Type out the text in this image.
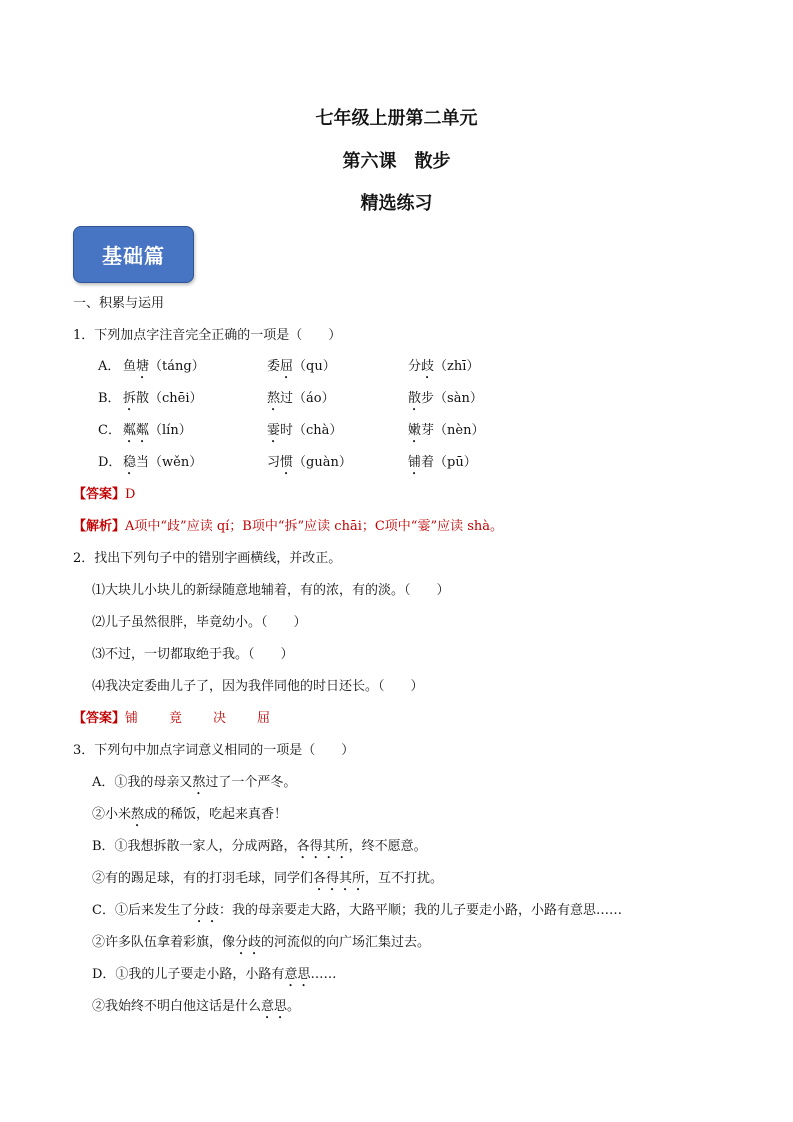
七年级上册第二单元
第六课　散步
精选练习
基础篇
一、积累与运用
1．下列加点字注音完全正确的一项是（　　）
A． 鱼塘（táng）	委屈（qu）	分歧（zhī）
B． 拆散（chēi）	熬过（áo）	散步（sàn）
C． 粼粼（lín）	霎时（chà）	嫩芽（nèn）
D． 稳当（wěn）	习惯（guàn）	铺着（pū）
【答案】D
【解析】A项中“歧”应读 qí；B项中“拆”应读 chāi；C项中“霎”应读 shà。
2．找出下列句子中的错别字画横线，并改正。
⑴大块儿小块儿的新绿随意地辅着，有的浓，有的淡。（　　）
⑵儿子虽然很胖，毕竟幼小。（　　）
⑶不过，一切都取绝于我。（　　）
⑷我决定委曲儿子了，因为我伴同他的时日还长。（　　）
【答案】铺 竟 决 屈
3．下列句中加点字词意义相同的一项是（　　）
A．①我的母亲又熬过了一个严冬。
②小米熬成的稀饭，吃起来真香！
B．①我想拆散一家人，分成两路，各得其所，终不愿意。
②有的踢足球，有的打羽毛球，同学们各得其所，互不打扰。
C．①后来发生了分歧：我的母亲要走大路，大路平顺；我的儿子要走小路，小路有意思……
②许多队伍拿着彩旗，像分歧的河流似的向广场汇集过去。
D．①我的儿子要走小路，小路有意思……
②我始终不明白他这话是什么意思。
